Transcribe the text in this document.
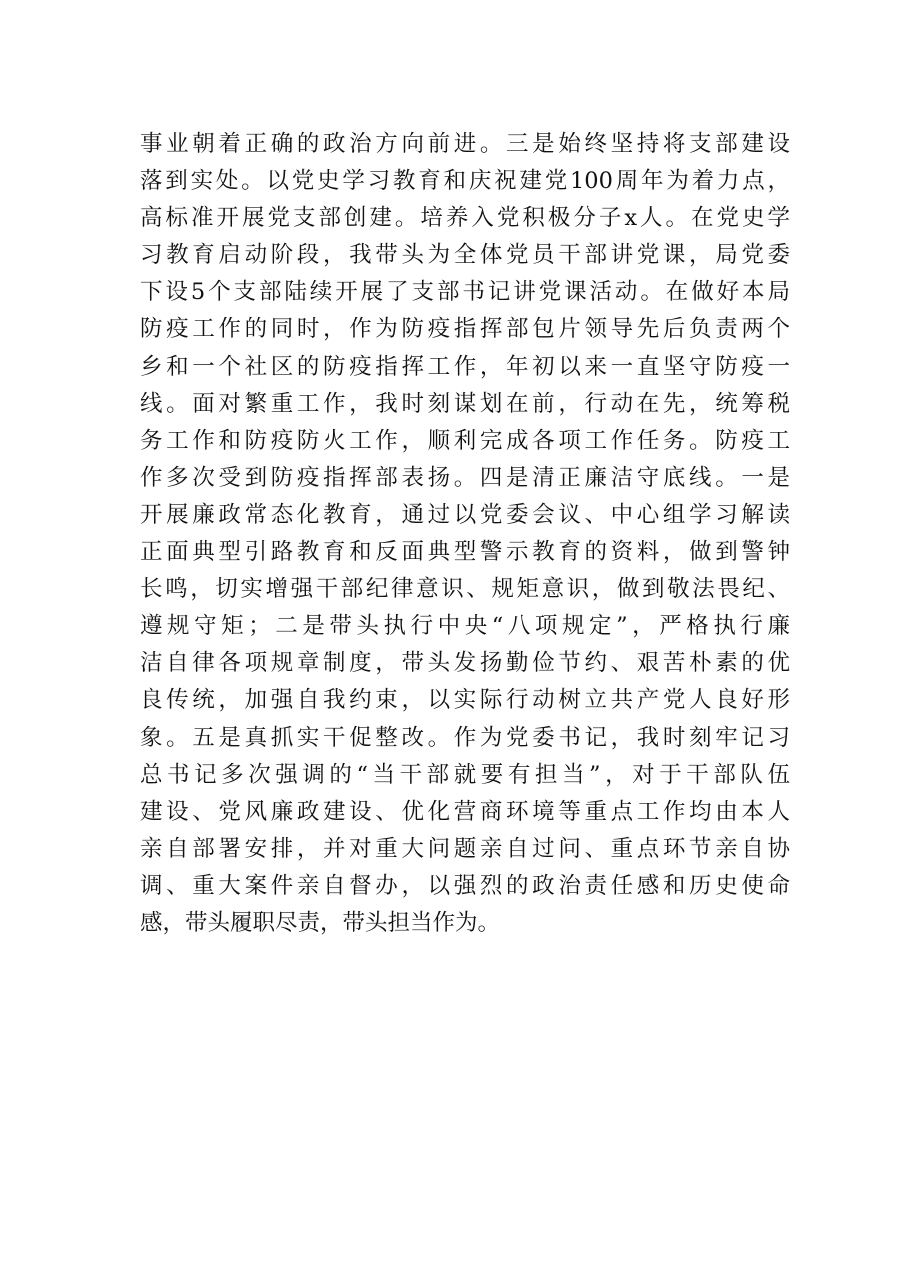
事业朝着正确的政治方向前进。三是始终坚持将支部建设
落到实处。以党史学习教育和庆祝建党100周年为着力点，
高标准开展党支部创建。培养入党积极分子x人。在党史学
习教育启动阶段，我带头为全体党员干部讲党课，局党委
下设5个支部陆续开展了支部书记讲党课活动。在做好本局
防疫工作的同时，作为防疫指挥部包片领导先后负责两个
乡和一个社区的防疫指挥工作，年初以来一直坚守防疫一
线。面对繁重工作，我时刻谋划在前，行动在先，统筹税
务工作和防疫防火工作，顺利完成各项工作任务。防疫工
作多次受到防疫指挥部表扬。四是清正廉洁守底线。一是
开展廉政常态化教育，通过以党委会议、中心组学习解读
正面典型引路教育和反面典型警示教育的资料，做到警钟
长鸣，切实增强干部纪律意识、规矩意识，做到敬法畏纪、
遵规守矩；二是带头执行中央“八项规定”，严格执行廉
洁自律各项规章制度，带头发扬勤俭节约、艰苦朴素的优
良传统，加强自我约束，以实际行动树立共产党人良好形
象。五是真抓实干促整改。作为党委书记，我时刻牢记习
总书记多次强调的“当干部就要有担当”，对于干部队伍
建设、党风廉政建设、优化营商环境等重点工作均由本人
亲自部署安排，并对重大问题亲自过问、重点环节亲自协
调、重大案件亲自督办，以强烈的政治责任感和历史使命
感，带头履职尽责，带头担当作为。
